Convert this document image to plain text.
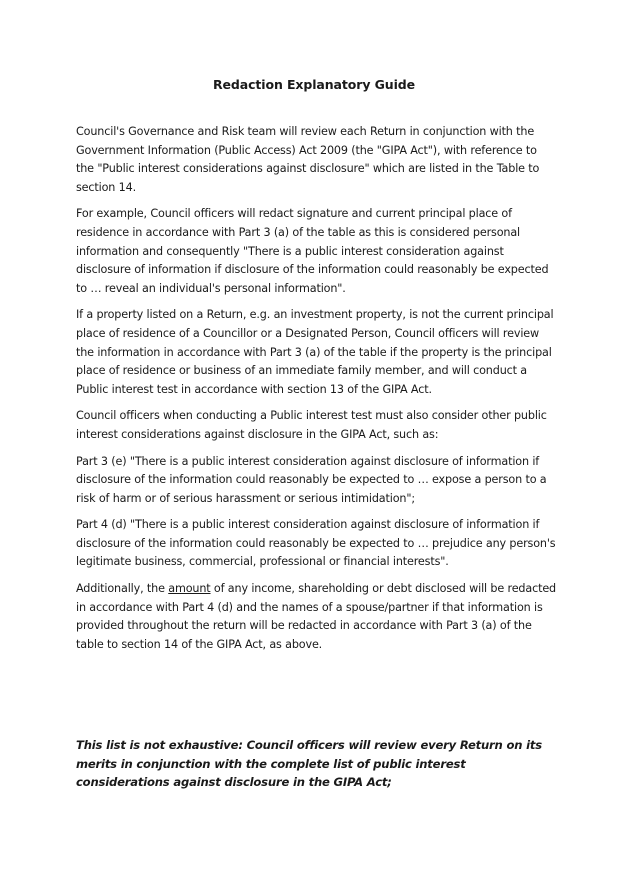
Redaction Explanatory Guide

Council's Governance and Risk team will review each Return in conjunction with the Government Information (Public Access) Act 2009 (the "GIPA Act"), with reference to the "Public interest considerations against disclosure" which are listed in the Table to section 14.

For example, Council officers will redact signature and current principal place of residence in accordance with Part 3 (a) of the table as this is considered personal information and consequently "There is a public interest consideration against disclosure of information if disclosure of the information could reasonably be expected to … reveal an individual's personal information".

If a property listed on a Return, e.g. an investment property, is not the current principal place of residence of a Councillor or a Designated Person, Council officers will review the information in accordance with Part 3 (a) of the table if the property is the principal place of residence or business of an immediate family member, and will conduct a Public interest test in accordance with section 13 of the GIPA Act.

Council officers when conducting a Public interest test must also consider other public interest considerations against disclosure in the GIPA Act, such as:

Part 3 (e) "There is a public interest consideration against disclosure of information if disclosure of the information could reasonably be expected to … expose a person to a risk of harm or of serious harassment or serious intimidation";

Part 4 (d) "There is a public interest consideration against disclosure of information if disclosure of the information could reasonably be expected to … prejudice any person's legitimate business, commercial, professional or financial interests".

Additionally, the amount of any income, shareholding or debt disclosed will be redacted in accordance with Part 4 (d) and the names of a spouse/partner if that information is provided throughout the return will be redacted in accordance with Part 3 (a) of the table to section 14 of the GIPA Act, as above.

This list is not exhaustive: Council officers will review every Return on its merits in conjunction with the complete list of public interest considerations against disclosure in the GIPA Act;
